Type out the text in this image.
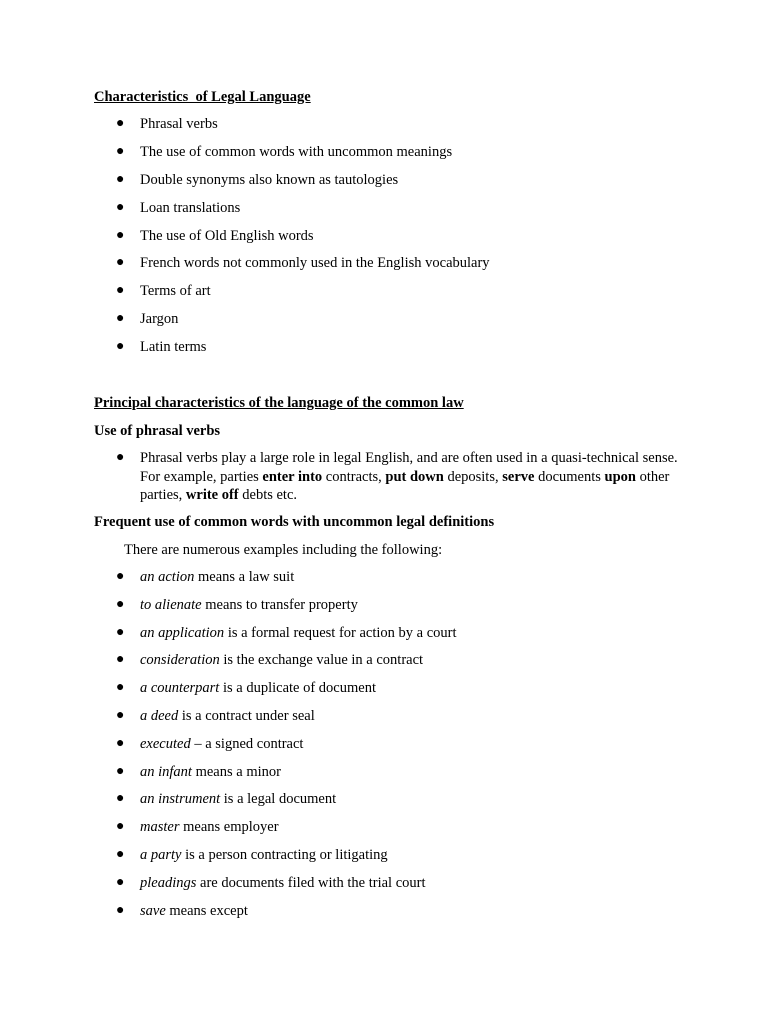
Characteristics  of Legal Language
● Phrasal verbs
● The use of common words with uncommon meanings
● Double synonyms also known as tautologies
● Loan translations
● The use of Old English words
● French words not commonly used in the English vocabulary
● Terms of art
● Jargon
● Latin terms
Principal characteristics of the language of the common law
Use of phrasal verbs
● Phrasal verbs play a large role in legal English, and are often used in a quasi-technical sense. For example, parties enter into contracts, put down deposits, serve documents upon other parties, write off debts etc.
Frequent use of common words with uncommon legal definitions
There are numerous examples including the following:
● an action means a law suit
● to alienate means to transfer property
● an application is a formal request for action by a court
● consideration is the exchange value in a contract
● a counterpart is a duplicate of document
● a deed is a contract under seal
● executed – a signed contract
● an infant means a minor
● an instrument is a legal document
● master means employer
● a party is a person contracting or litigating
● pleadings are documents filed with the trial court
● save means except
